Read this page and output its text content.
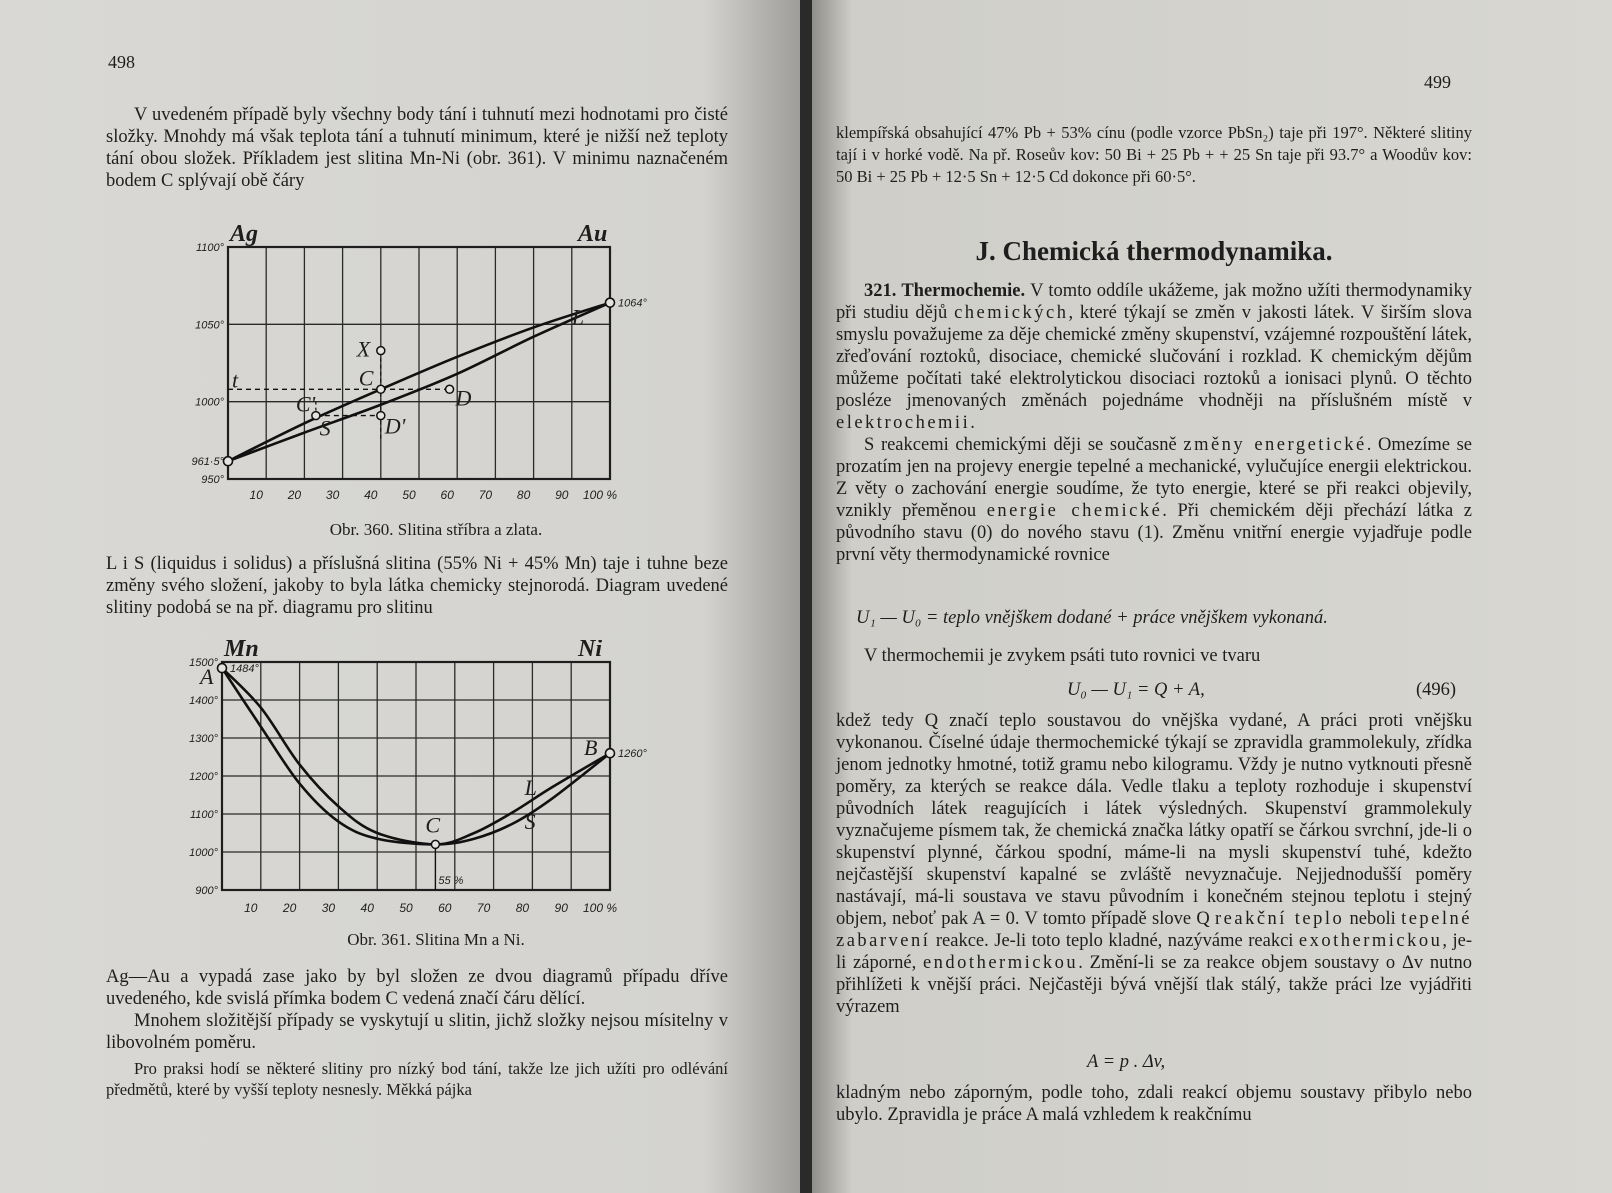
498

V uvedeném případě byly všechny body tání i tuhnutí mezi hodnotami pro čisté složky. Mnohdy má však teplota tání a tuhnutí minimum, které je nižší než teploty tání obou složek. Příkladem jest slitina Mn-Ni (obr. 361). V minimu naznačeném bodem C splývají obě čáry

1100°
1050°
1000°
961·5°
950°
10 20 30 40 50 60 70 80 90 100 %
Ag	Au
1064°
X
C
C'	D
D'
t
L
S
Obr. 360. Slitina stříbra a zlata.

L i S (liquidus i solidus) a příslušná slitina (55% Ni + 45% Mn) taje i tuhne beze změny svého složení, jakoby to byla látka chemicky stejnorodá. Diagram uvedené slitiny podobá se na př. diagramu pro slitinu

1500°
1400°
1300°
1200°
1100°
1000°
900°
10 20 30 40 50 60 70 80 90 100 %
Mn	Ni
1260°
1484°
55 %
A
B
C
L
S
Obr. 361. Slitina Mn a Ni.

Ag—Au a vypadá zase jako by byl složen ze dvou diagramů případu dříve uvedeného, kde svislá přímka bodem C vedená značí čáru dělící.

Mnohem složitější případy se vyskytují u slitin, jichž složky nejsou mísitelny v libovolném poměru.

Pro praksi hodí se některé slitiny pro nízký bod tání, takže lze jich užíti pro odlévání předmětů, které by vyšší teploty nesnesly. Měkká pájka

499

klempířská obsahující 47% Pb + 53% cínu (podle vzorce PbSn₂) taje při 197°. Některé slitiny tají i v horké vodě. Na př. Roseův kov: 50 Bi + 25 Pb + + 25 Sn taje při 93.7° a Woodův kov: 50 Bi + 25 Pb + 12·5 Sn + 12·5 Cd dokonce při 60·5°.

J. Chemická thermodynamika.

321. Thermochemie. V tomto oddíle ukážeme, jak možno užíti thermodynamiky při studiu dějů chemických, které týkají se změn v jakosti látek. V širším slova smyslu považujeme za děje chemické změny skupenství, vzájemné rozpouštění látek, zřeďování roztoků, disociace, chemické slučování i rozklad. K chemickým dějům můžeme počítati také elektrolytickou disociaci roztoků a ionisaci plynů. O těchto posléze jmenovaných změnách pojednáme vhodněji na příslušném místě v elektrochemii.

S reakcemi chemickými ději se současně změny energetické. Omezíme se prozatím jen na projevy energie tepelné a mechanické, vylučujíce energii elektrickou. Z věty o zachování energie soudíme, že tyto energie, které se při reakci objevily, vznikly přeměnou energie chemické. Při chemickém ději přechází látka z původního stavu (0) do nového stavu (1). Změnu vnitřní energie vyjadřuje podle první věty thermodynamické rovnice

U₁ — U₀ = teplo vnějškem dodané + práce vnějškem vykonaná.

V thermochemii je zvykem psáti tuto rovnici ve tvaru

U₀ — U₁ = Q + A,	(496)

kdež tedy Q značí teplo soustavou do vnějška vydané, A práci proti vnějšku vykonanou. Číselné údaje thermochemické týkají se zpravidla grammolekuly, zřídka jenom jednotky hmotné, totiž gramu nebo kilogramu. Vždy je nutno vytknouti přesně poměry, za kterých se reakce dála. Vedle tlaku a teploty rozhoduje i skupenství původních látek reagujících i látek výsledných. Skupenství grammolekuly vyznačujeme písmem tak, že chemická značka látky opatří se čárkou svrchní, jde-li o skupenství plynné, čárkou spodní, máme-li na mysli skupenství tuhé, kdežto nejčastější skupenství kapalné se zvláště nevyznačuje. Nejjednodušší poměry nastávají, má-li soustava ve stavu původním i konečném stejnou teplotu i stejný objem, neboť pak A = 0. V tomto případě slove Q reakční teplo neboli tepelné zabarvení reakce. Je-li toto teplo kladné, nazýváme reakci exothermickou, je-li záporné, endothermickou. Změní-li se za reakce objem soustavy o Δv nutno přihlížeti k vnější práci. Nejčastěji bývá vnější tlak stálý, takže práci lze vyjádřiti výrazem

A = p . Δv,

kladným nebo záporným, podle toho, zdali reakcí objemu soustavy přibylo nebo ubylo. Zpravidla je práce A malá vzhledem k reakčnímu
